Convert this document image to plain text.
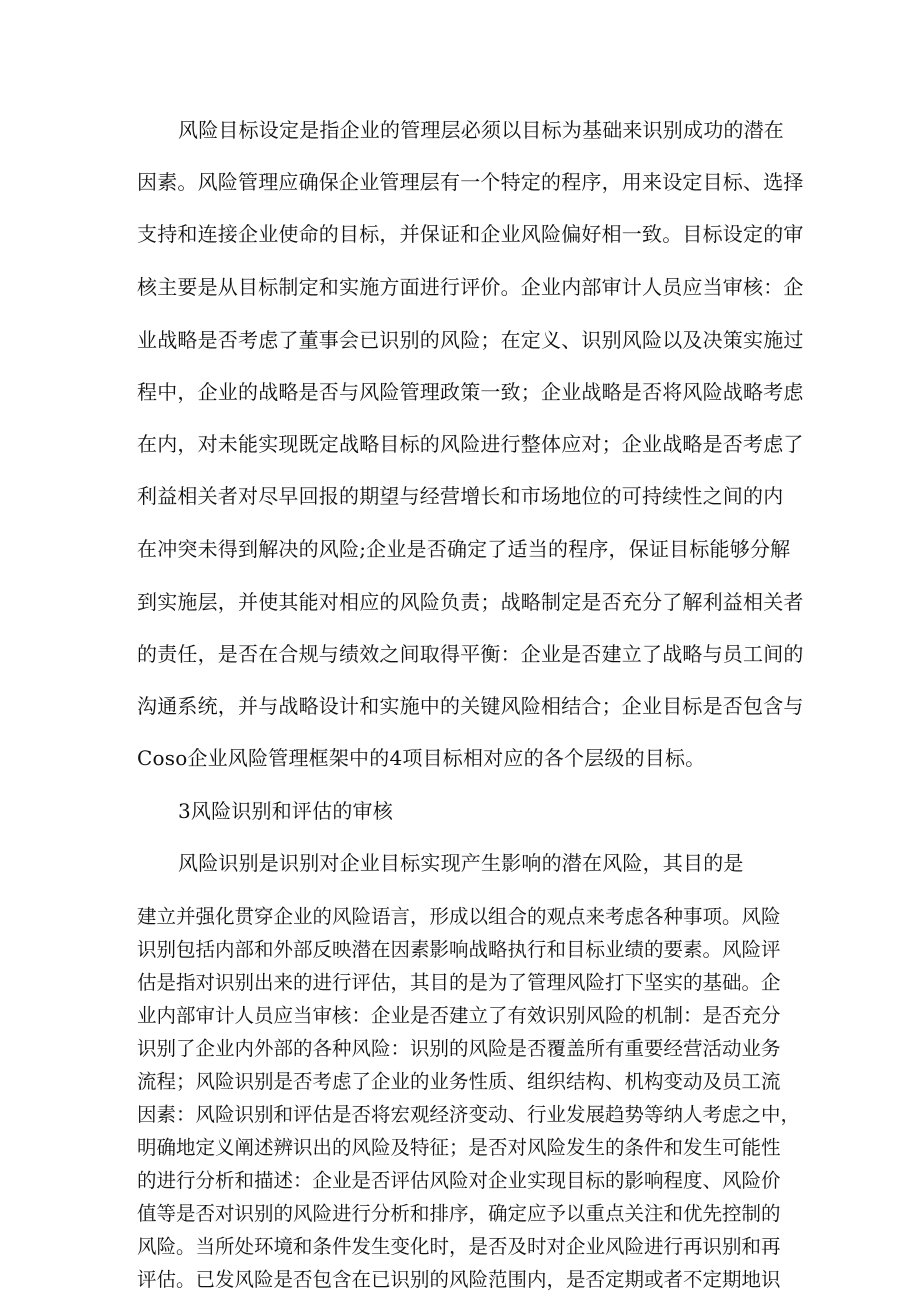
风险目标设定是指企业的管理层必须以目标为基础来识别成功的潜在
因素。风险管理应确保企业管理层有一个特定的程序，用来设定目标、选择
支持和连接企业使命的目标，并保证和企业风险偏好相一致。目标设定的审
核主要是从目标制定和实施方面进行评价。企业内部审计人员应当审核：企
业战略是否考虑了董事会已识别的风险；在定义、识别风险以及决策实施过
程中，企业的战略是否与风险管理政策一致；企业战略是否将风险战略考虑
在内，对未能实现既定战略目标的风险进行整体应对；企业战略是否考虑了
利益相关者对尽早回报的期望与经营增长和市场地位的可持续性之间的内
在冲突未得到解决的风险;企业是否确定了适当的程序，保证目标能够分解
到实施层，并使其能对相应的风险负责；战略制定是否充分了解利益相关者
的责任，是否在合规与绩效之间取得平衡：企业是否建立了战略与员工间的
沟通系统，并与战略设计和实施中的关键风险相结合；企业目标是否包含与
Coso企业风险管理框架中的4项目标相对应的各个层级的目标。
3风险识别和评估的审核
风险识别是识别对企业目标实现产生影响的潜在风险，其目的是
建立并强化贯穿企业的风险语言，形成以组合的观点来考虑各种事项。风险
识别包括内部和外部反映潜在因素影响战略执行和目标业绩的要素。风险评
估是指对识别出来的进行评估，其目的是为了管理风险打下坚实的基础。企
业内部审计人员应当审核：企业是否建立了有效识别风险的机制：是否充分
识别了企业内外部的各种风险：识别的风险是否覆盖所有重要经营活动业务
流程；风险识别是否考虑了企业的业务性质、组织结构、机构变动及员工流
因素：风险识别和评估是否将宏观经济变动、行业发展趋势等纳人考虑之中，
明确地定义阐述辨识出的风险及特征；是否对风险发生的条件和发生可能性
的进行分析和描述：企业是否评估风险对企业实现目标的影响程度、风险价
值等是否对识别的风险进行分析和排序，确定应予以重点关注和优先控制的
风险。当所处环境和条件发生变化时，是否及时对企业风险进行再识别和再
评估。已发风险是否包含在已识别的风险范围内，是否定期或者不定期地识
